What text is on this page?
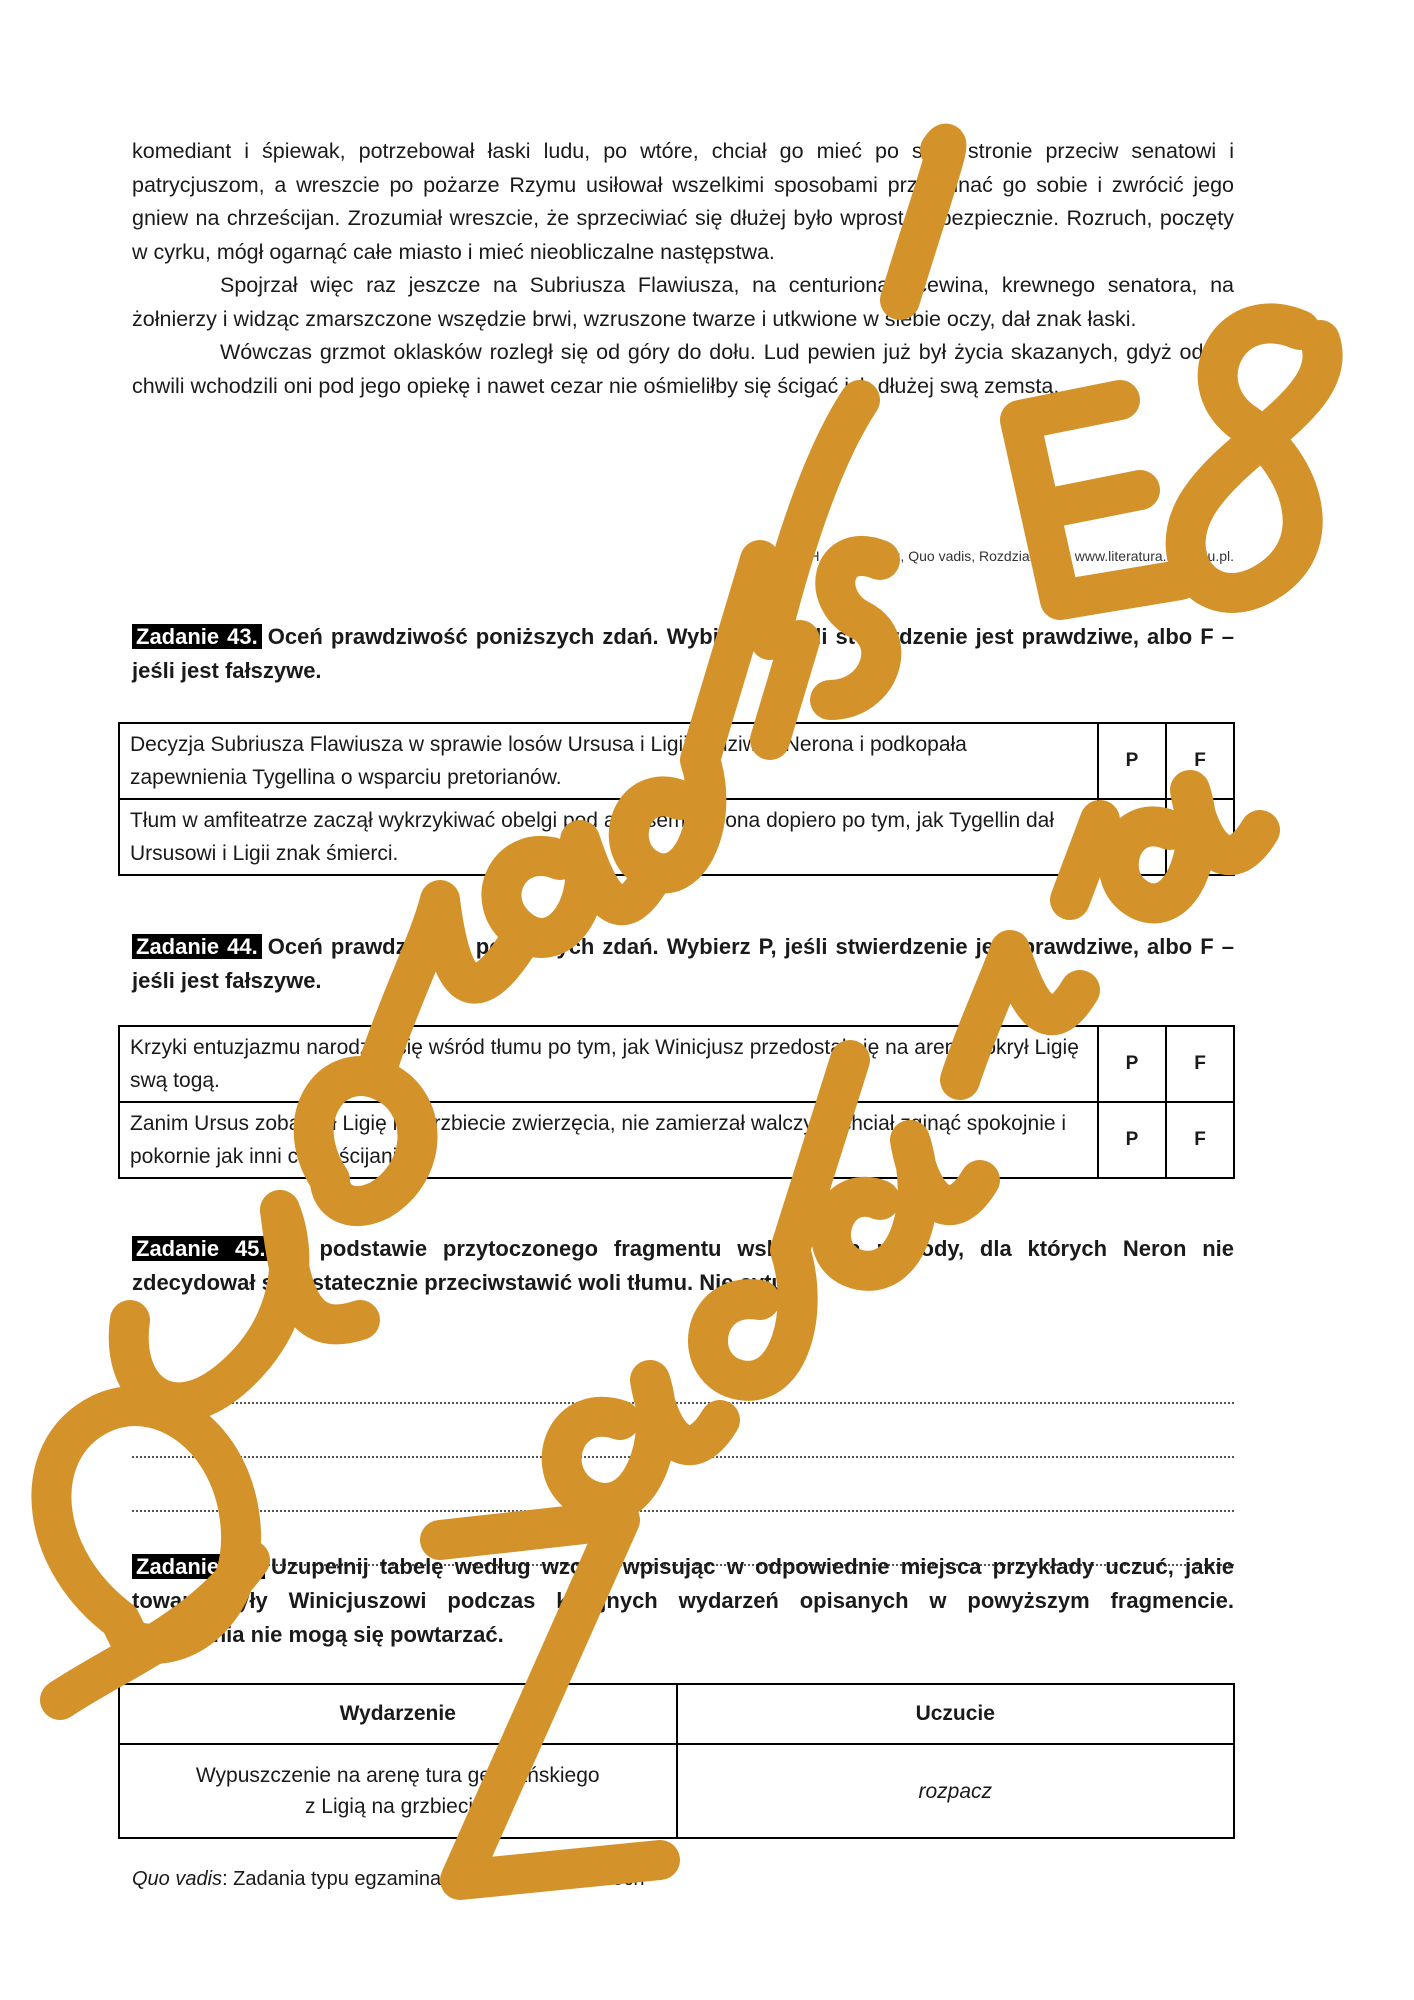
komediant i śpiewak, potrzebował łaski ludu, po wtóre, chciał go mieć po swej stronie przeciw senatowi i patrycjuszom, a wreszcie po pożarze Rzymu usiłował wszelkimi sposobami przejednać go sobie i zwrócić jego gniew na chrześcijan. Zrozumiał wreszcie, że sprzeciwiać się dłużej było wprost niebezpiecznie. Rozruch, poczęty w cyrku, mógł ogarnąć całe miasto i mieć nieobliczalne następstwa.

Spojrzał więc raz jeszcze na Subriusza Flawiusza, na centuriona Scewina, krewnego senatora, na żołnierzy i widząc zmarszczone wszędzie brwi, wzruszone twarze i utkwione w siebie oczy, dał znak łaski.

Wówczas grzmot oklasków rozległ się od góry do dołu. Lud pewien już był życia skazanych, gdyż od tej chwili wchodzili oni pod jego opiekę i nawet cezar nie ośmieliłby się ścigać ich dłużej swą zemstą.

H. Sienkiewicz, Quo vadis, Rozdział LXVI, www.literatura.gov.edu.pl.

Zadanie 43. Oceń prawdziwość poniższych zdań. Wybierz P, jeśli stwierdzenie jest prawdziwe, albo F – jeśli jest fałszywe.

Decyzja Subriusza Flawiusza w sprawie losów Ursusa i Ligii zadziwiła Nerona i podkopała zapewnienia Tygellina o wsparciu pretorianów.	P	F
Tłum w amfiteatrze zaczął wykrzykiwać obelgi pod adresem Nerona dopiero po tym, jak Tygellin dał Ursusowi i Ligii znak śmierci.	P	F

Zadanie 44. Oceń prawdziwość poniższych zdań. Wybierz P, jeśli stwierdzenie jest prawdziwe, albo F – jeśli jest fałszywe.

Krzyki entuzjazmu narodziły się wśród tłumu po tym, jak Winicjusz przedostał się na arenę i okrył Ligię swą togą.	P	F
Zanim Ursus zobaczył Ligię na grzbiecie zwierzęcia, nie zamierzał walczyć i chciał zginąć spokojnie i pokornie jak inni chrześcijanie.	P	F

Zadanie 45. Na podstawie przytoczonego fragmentu wskaż dwa powody, dla których Neron nie zdecydował się ostatecznie przeciwstawić woli tłumu. Nie cytuj.

Zadanie 46. Uzupełnij tabelę według wzoru, wpisując w odpowiednie miejsca przykłady uczuć, jakie towarzyszyły Winicjuszowi podczas kolejnych wydarzeń opisanych w powyższym fragmencie. Określenia nie mogą się powtarzać.

Wydarzenie	Uczucie
Wypuszczenie na arenę tura germańskiego
z Ligią na grzbiecie.	rozpacz

Quo vadis: Zadania typu egzaminacyjnego, Martyna Boch
